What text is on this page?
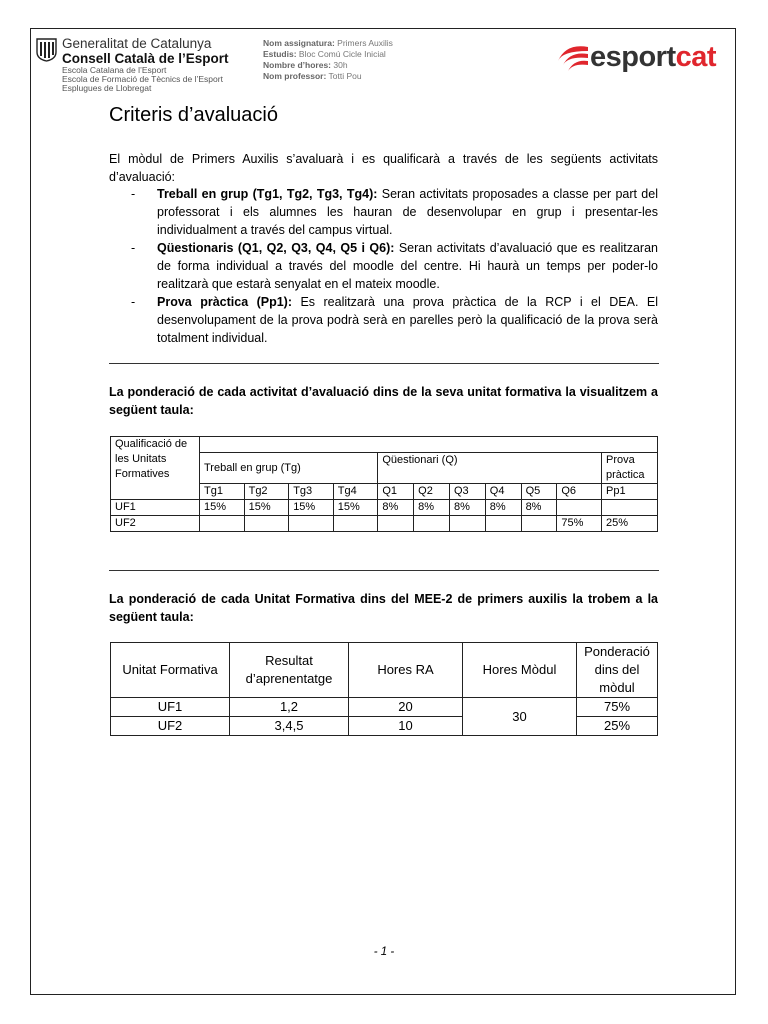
Generalitat de Catalunya
Consell Català de l’Esport
Escola Catalana de l’Esport
Escola de Formació de Tècnics de l’Esport
Esplugues de Llobregat
Nom assignatura: Primers Auxilis
Estudis: Bloc Comú Cicle Inicial
Nombre d’hores: 30h
Nom professor: Totti Pou
esportcat
Criteris d’avaluació
El mòdul de Primers Auxilis s’avaluarà i es qualificarà a través de les següents activitats d’avaluació:
- Treball en grup (Tg1, Tg2, Tg3, Tg4): Seran activitats proposades a classe per part del professorat i els alumnes les hauran de desenvolupar en grup i presentar-les individualment a través del campus virtual.
- Qüestionaris (Q1, Q2, Q3, Q4, Q5 i Q6): Seran activitats d’avaluació que es realitzaran de forma individual a través del moodle del centre. Hi haurà un temps per poder-lo realitzarà que estarà senyalat en el mateix moodle.
- Prova pràctica (Pp1): Es realitzarà una prova pràctica de la RCP i el DEA. El desenvolupament de la prova podrà serà en parelles però la qualificació de la prova serà totalment individual.
La ponderació de cada activitat d’avaluació dins de la seva unitat formativa la visualitzem a següent taula:
Qualificació de les Unitats Formatives											
	Treball en grup (Tg)				Qüestionari (Q)						Prova pràctica
	Tg1	Tg2	Tg3	Tg4	Q1	Q2	Q3	Q4	Q5	Q6	Pp1
UF1	15%	15%	15%	15%	8%	8%	8%	8%	8%		
UF2										75%	25%
La ponderació de cada Unitat Formativa dins del MEE-2 de primers auxilis la trobem a la següent taula:
Unitat Formativa	Resultat d’aprenentatge	Hores RA	Hores Mòdul	Ponderació dins del mòdul
UF1	1,2	20	30	75%
UF2	3,4,5	10		25%
- 1 -
